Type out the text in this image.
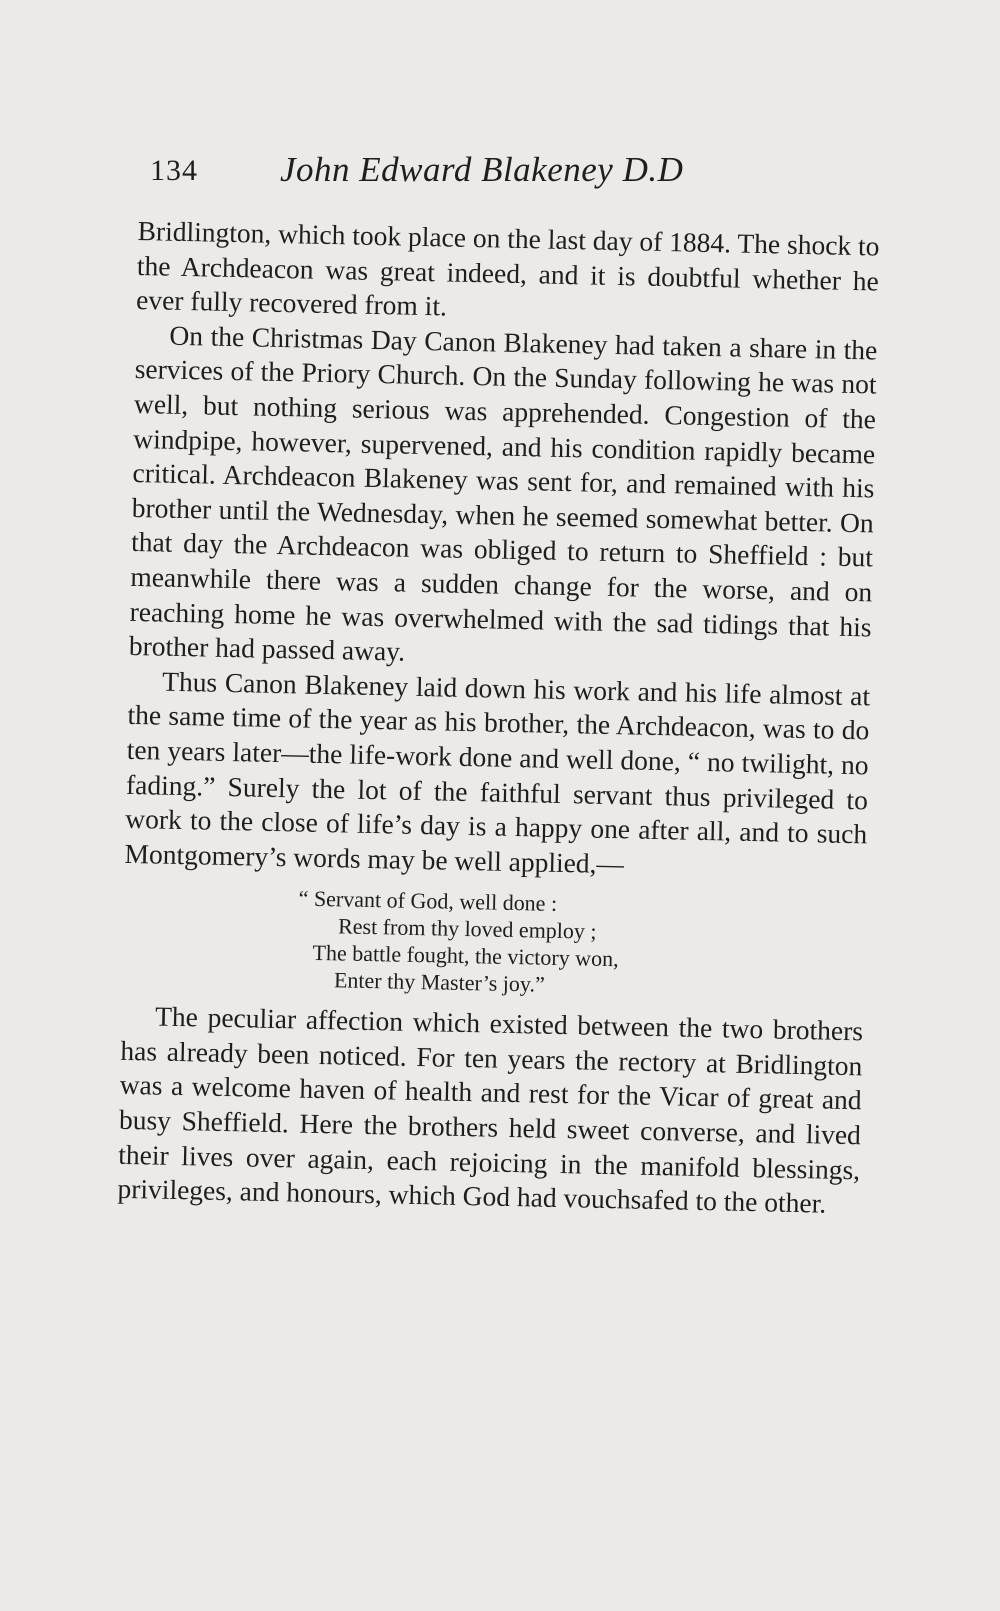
134 John Edward Blakeney D.D

Bridlington, which took place on the last day of 1884. The shock to the Archdeacon was great indeed, and it is doubtful whether he ever fully recovered from it.

On the Christmas Day Canon Blakeney had taken a share in the services of the Priory Church. On the Sunday following he was not well, but nothing serious was apprehended. Congestion of the windpipe, however, supervened, and his condition rapidly became critical. Archdeacon Blakeney was sent for, and remained with his brother until the Wednesday, when he seemed somewhat better. On that day the Archdeacon was obliged to return to Sheffield : but meanwhile there was a sudden change for the worse, and on reaching home he was overwhelmed with the sad tidings that his brother had passed away.

Thus Canon Blakeney laid down his work and his life almost at the same time of the year as his brother, the Archdeacon, was to do ten years later—the life-work done and well done, “ no twilight, no fading.” Surely the lot of the faithful servant thus privileged to work to the close of life’s day is a happy one after all, and to such Montgomery’s words may be well applied,—

“ Servant of God, well done :
Rest from thy loved employ ;
The battle fought, the victory won,
Enter thy Master’s joy.”

The peculiar affection which existed between the two brothers has already been noticed. For ten years the rectory at Bridlington was a welcome haven of health and rest for the Vicar of great and busy Sheffield. Here the brothers held sweet converse, and lived their lives over again, each rejoicing in the manifold blessings, privileges, and honours, which God had vouchsafed to the other.
